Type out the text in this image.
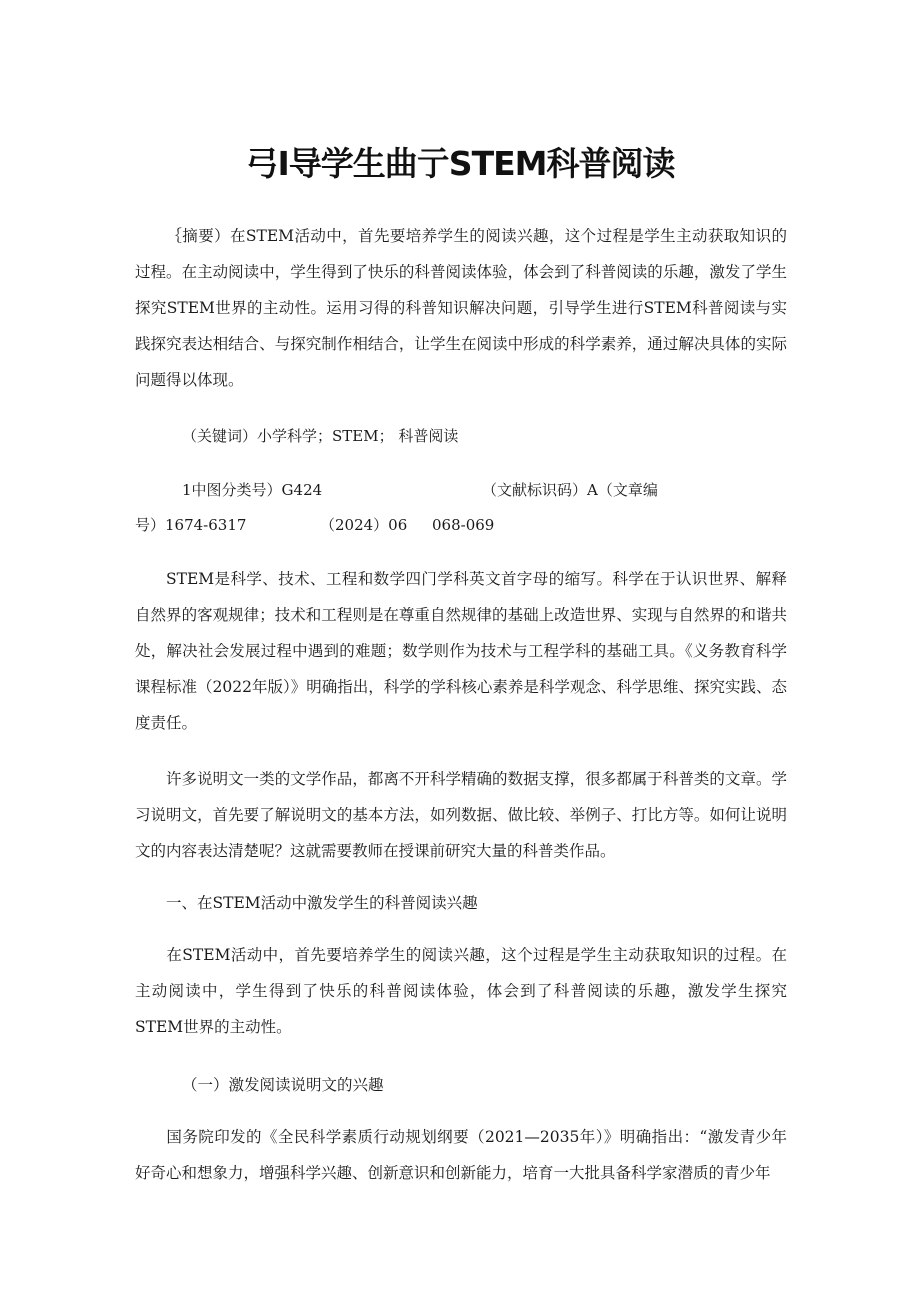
弓I导学生曲亍STEM科普阅读

｛摘要）在STEM活动中，首先要培养学生的阅读兴趣，这个过程是学生主动获取知识的过程。在主动阅读中，学生得到了快乐的科普阅读体验，体会到了科普阅读的乐趣，激发了学生探究STEM世界的主动性。运用习得的科普知识解决问题，引导学生进行STEM科普阅读与实践探究表达相结合、与探究制作相结合，让学生在阅读中形成的科学素养，通过解决具体的实际问题得以体现。

（关键词）小学科学；STEM； 科普阅读
1中图分类号）G424	（文献标识码）A（文章编
号）1674-6317	（2024）06 068-069

STEM是科学、技术、工程和数学四门学科英文首字母的缩写。科学在于认识世界、解释自然界的客观规律；技术和工程则是在尊重自然规律的基础上改造世界、实现与自然界的和谐共处，解决社会发展过程中遇到的难题；数学则作为技术与工程学科的基础工具。《义务教育科学课程标准（2022年版）》明确指出，科学的学科核心素养是科学观念、科学思维、探究实践、态度责任。

许多说明文一类的文学作品，都离不开科学精确的数据支撑，很多都属于科普类的文章。学习说明文，首先要了解说明文的基本方法，如列数据、做比较、举例子、打比方等。如何让说明文的内容表达清楚呢？这就需要教师在授课前研究大量的科普类作品。

一、在STEM活动中激发学生的科普阅读兴趣

在STEM活动中，首先要培养学生的阅读兴趣，这个过程是学生主动获取知识的过程。在主动阅读中，学生得到了快乐的科普阅读体验，体会到了科普阅读的乐趣，激发学生探究STEM世界的主动性。

（一）激发阅读说明文的兴趣

国务院印发的《全民科学素质行动规划纲要（2021—2035年）》明确指出：“激发青少年好奇心和想象力，增强科学兴趣、创新意识和创新能力，培育一大批具备科学家潜质的青少年
